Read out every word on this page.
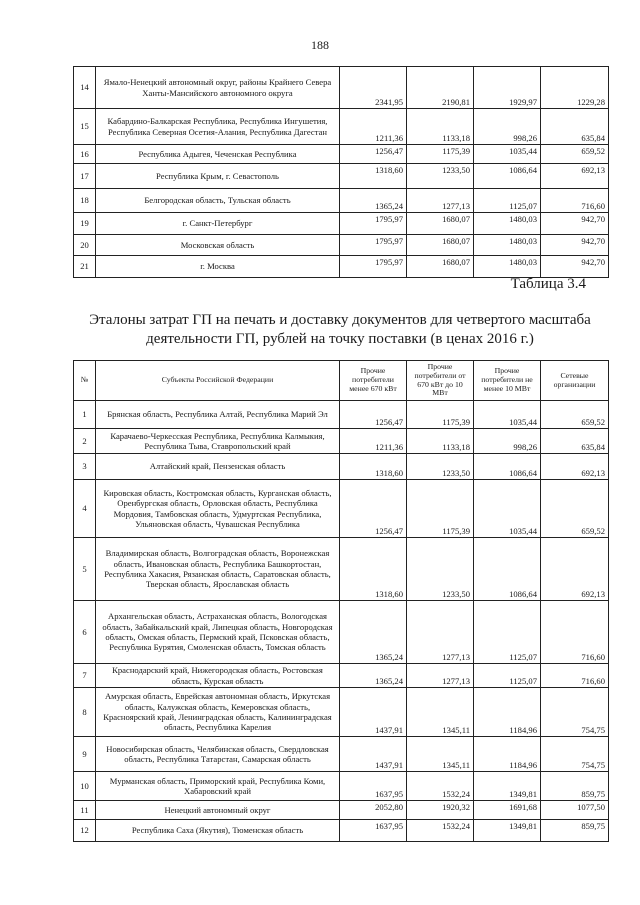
188
14	Ямало-Ненецкий автономный округ, районы Крайнего Севера Ханты-Мансийского автономного округа	2341,95	2190,81	1929,97	1229,28
15	Кабардино-Балкарская Республика, Республика Ингушетия, Республика Северная Осетия-Алания, Республика Дагестан	1211,36	1133,18	998,26	635,84
16	Республика Адыгея, Чеченская Республика	1256,47	1175,39	1035,44	659,52
17	Республика Крым, г. Севастополь	1318,60	1233,50	1086,64	692,13
18	Белгородская область, Тульская область	1365,24	1277,13	1125,07	716,60
19	г. Санкт-Петербург	1795,97	1680,07	1480,03	942,70
20	Московская область	1795,97	1680,07	1480,03	942,70
21	г. Москва	1795,97	1680,07	1480,03	942,70
Таблица 3.4
Эталоны затрат ГП на печать и доставку документов для четвертого масштаба деятельности ГП, рублей на точку поставки (в ценах 2016 г.)
№	Субъекты Российской Федерации	Прочие потребители менее 670 кВт	Прочие потребители от 670 кВт до 10 МВт	Прочие потребители не менее 10 МВт	Сетевые организации
1	Брянская область, Республика Алтай, Республика Марий Эл	1256,47	1175,39	1035,44	659,52
2	Карачаево-Черкесская Республика, Республика Калмыкия, Республика Тыва, Ставропольский край	1211,36	1133,18	998,26	635,84
3	Алтайский край, Пензенская область	1318,60	1233,50	1086,64	692,13
4	Кировская область, Костромская область, Курганская область, Оренбургская область, Орловская область, Республика Мордовия, Тамбовская область, Удмуртская Республика, Ульяновская область, Чувашская Республика	1256,47	1175,39	1035,44	659,52
5	Владимирская область, Волгоградская область, Воронежская область, Ивановская область, Республика Башкортостан, Республика Хакасия, Рязанская область, Саратовская область, Тверская область, Ярославская область	1318,60	1233,50	1086,64	692,13
6	Архангельская область, Астраханская область, Вологодская область, Забайкальский край, Липецкая область, Новгородская область, Омская область, Пермский край, Псковская область, Республика Бурятия, Смоленская область, Томская область	1365,24	1277,13	1125,07	716,60
7	Краснодарский край, Нижегородская область, Ростовская область, Курская область	1365,24	1277,13	1125,07	716,60
8	Амурская область, Еврейская автономная область, Иркутская область, Калужская область, Кемеровская область, Красноярский край, Ленинградская область, Калининградская область, Республика Карелия	1437,91	1345,11	1184,96	754,75
9	Новосибирская область, Челябинская область, Свердловская область, Республика Татарстан, Самарская область	1437,91	1345,11	1184,96	754,75
10	Мурманская область, Приморский край, Республика Коми, Хабаровский край	1637,95	1532,24	1349,81	859,75
11	Ненецкий автономный округ	2052,80	1920,32	1691,68	1077,50
12	Республика Саха (Якутия), Тюменская область	1637,95	1532,24	1349,81	859,75
